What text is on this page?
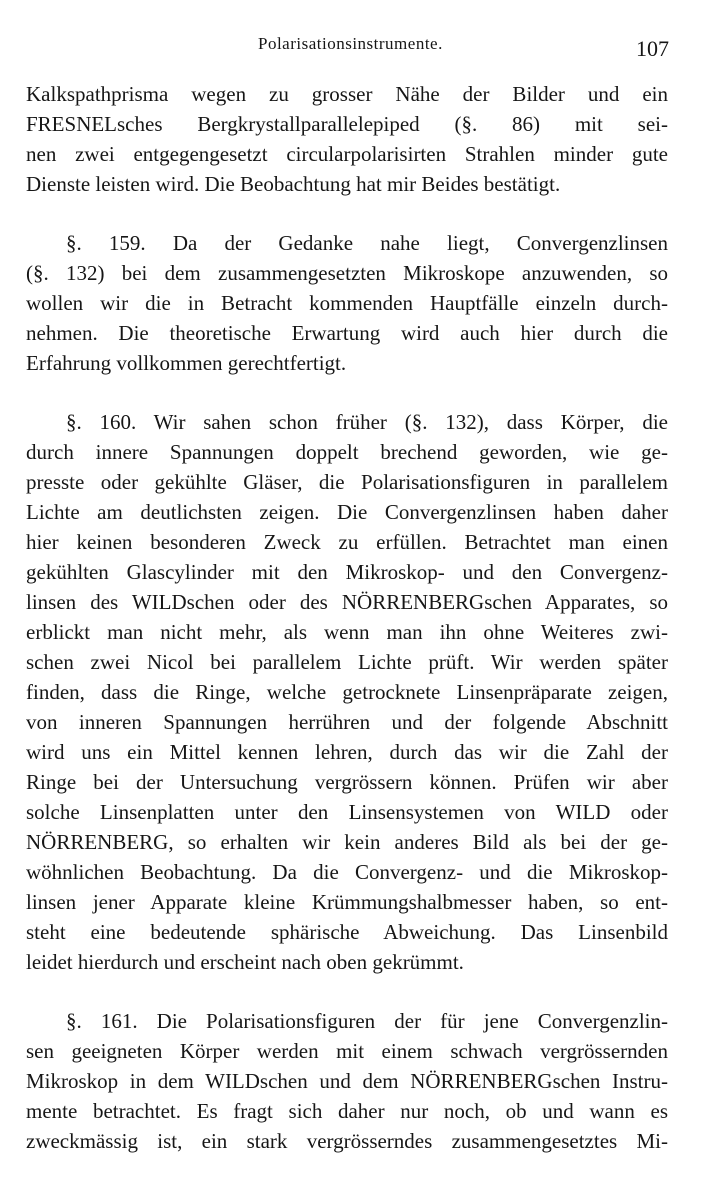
Polarisationsinstrumente.	107

Kalkspathprisma wegen zu grosser Nähe der Bilder und ein
FRESNELsches Bergkrystallparallelepiped (§. 86) mit sei-
nen zwei entgegengesetzt circularpolarisirten Strahlen minder gute
Dienste leisten wird. Die Beobachtung hat mir Beides bestätigt.

§. 159. Da der Gedanke nahe liegt, Convergenzlinsen
(§. 132) bei dem zusammengesetzten Mikroskope anzuwenden, so
wollen wir die in Betracht kommenden Hauptfälle einzeln durch-
nehmen. Die theoretische Erwartung wird auch hier durch die
Erfahrung vollkommen gerechtfertigt.

§. 160. Wir sahen schon früher (§. 132), dass Körper, die
durch innere Spannungen doppelt brechend geworden, wie ge-
presste oder gekühlte Gläser, die Polarisationsfiguren in parallelem
Lichte am deutlichsten zeigen. Die Convergenzlinsen haben daher
hier keinen besonderen Zweck zu erfüllen. Betrachtet man einen
gekühlten Glascylinder mit den Mikroskop- und den Convergenz-
linsen des WILDschen oder des NÖRRENBERGschen Apparates, so
erblickt man nicht mehr, als wenn man ihn ohne Weiteres zwi-
schen zwei Nicol bei parallelem Lichte prüft. Wir werden später
finden, dass die Ringe, welche getrocknete Linsenpräparate zeigen,
von inneren Spannungen herrühren und der folgende Abschnitt
wird uns ein Mittel kennen lehren, durch das wir die Zahl der
Ringe bei der Untersuchung vergrössern können. Prüfen wir aber
solche Linsenplatten unter den Linsensystemen von WILD oder
NÖRRENBERG, so erhalten wir kein anderes Bild als bei der ge-
wöhnlichen Beobachtung. Da die Convergenz- und die Mikroskop-
linsen jener Apparate kleine Krümmungshalbmesser haben, so ent-
steht eine bedeutende sphärische Abweichung. Das Linsenbild
leidet hierdurch und erscheint nach oben gekrümmt.

§. 161. Die Polarisationsfiguren der für jene Convergenzlin-
sen geeigneten Körper werden mit einem schwach vergrössernden
Mikroskop in dem WILDschen und dem NÖRRENBERGschen Instru-
mente betrachtet. Es fragt sich daher nur noch, ob und wann es
zweckmässig ist, ein stark vergrösserndes zusammengesetztes Mi-
